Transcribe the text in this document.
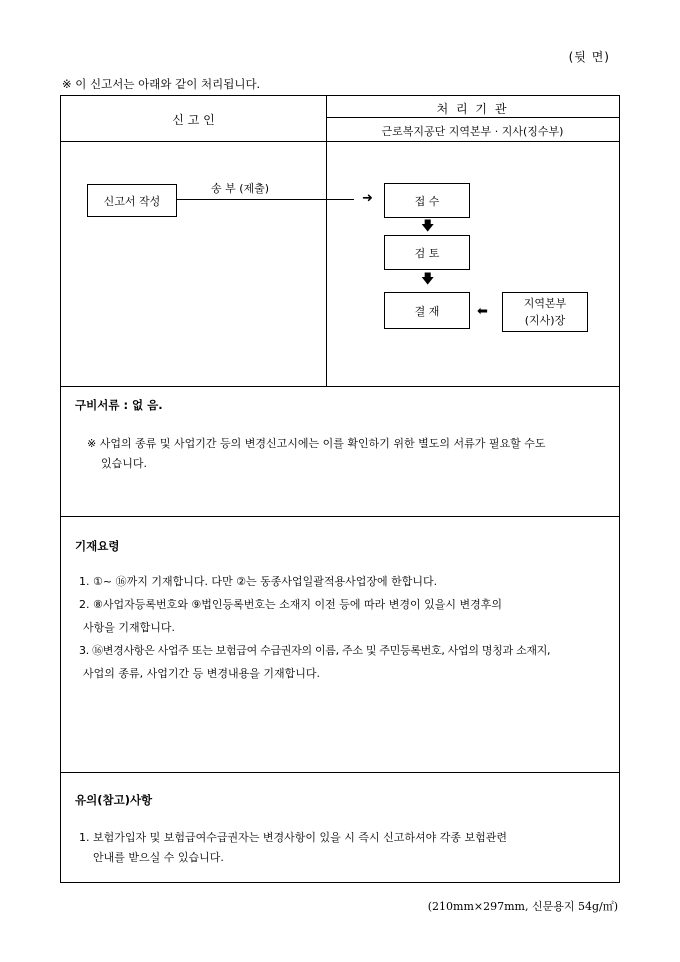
(뒷 면)
※ 이 신고서는 아래와 같이 처리됩니다.
신 고 인
처 리 기 관
근로복지공단 지역본부 · 지사(징수부)
신고서 작성
송 부 (제출)
➜	접 수
🡇
검 토
🡇
결 재	⬅
지역본부
(지사)장
구비서류 : 없 음.
※ 사업의 종류 및 사업기간 등의 변경신고시에는 이를 확인하기 위한 별도의 서류가 필요할 수도
있습니다.
기재요령
1. ①~ ⑯까지 기재합니다. 다만 ②는 동종사업일괄적용사업장에 한합니다.
2. ⑧사업자등록번호와 ⑨법인등록번호는 소재지 이전 등에 따라 변경이 있을시 변경후의
사항을 기재합니다.
3. ⑯변경사항은 사업주 또는 보험급여 수급권자의 이름, 주소 및 주민등록번호, 사업의 명칭과 소재지,
사업의 종류, 사업기간 등 변경내용을 기재합니다.
유의(참고)사항
1. 보험가입자 및 보험급여수급권자는 변경사항이 있을 시 즉시 신고하셔야 각종 보험관련
안내를 받으실 수 있습니다.
(210mm×297mm, 신문용지 54g/㎡)
